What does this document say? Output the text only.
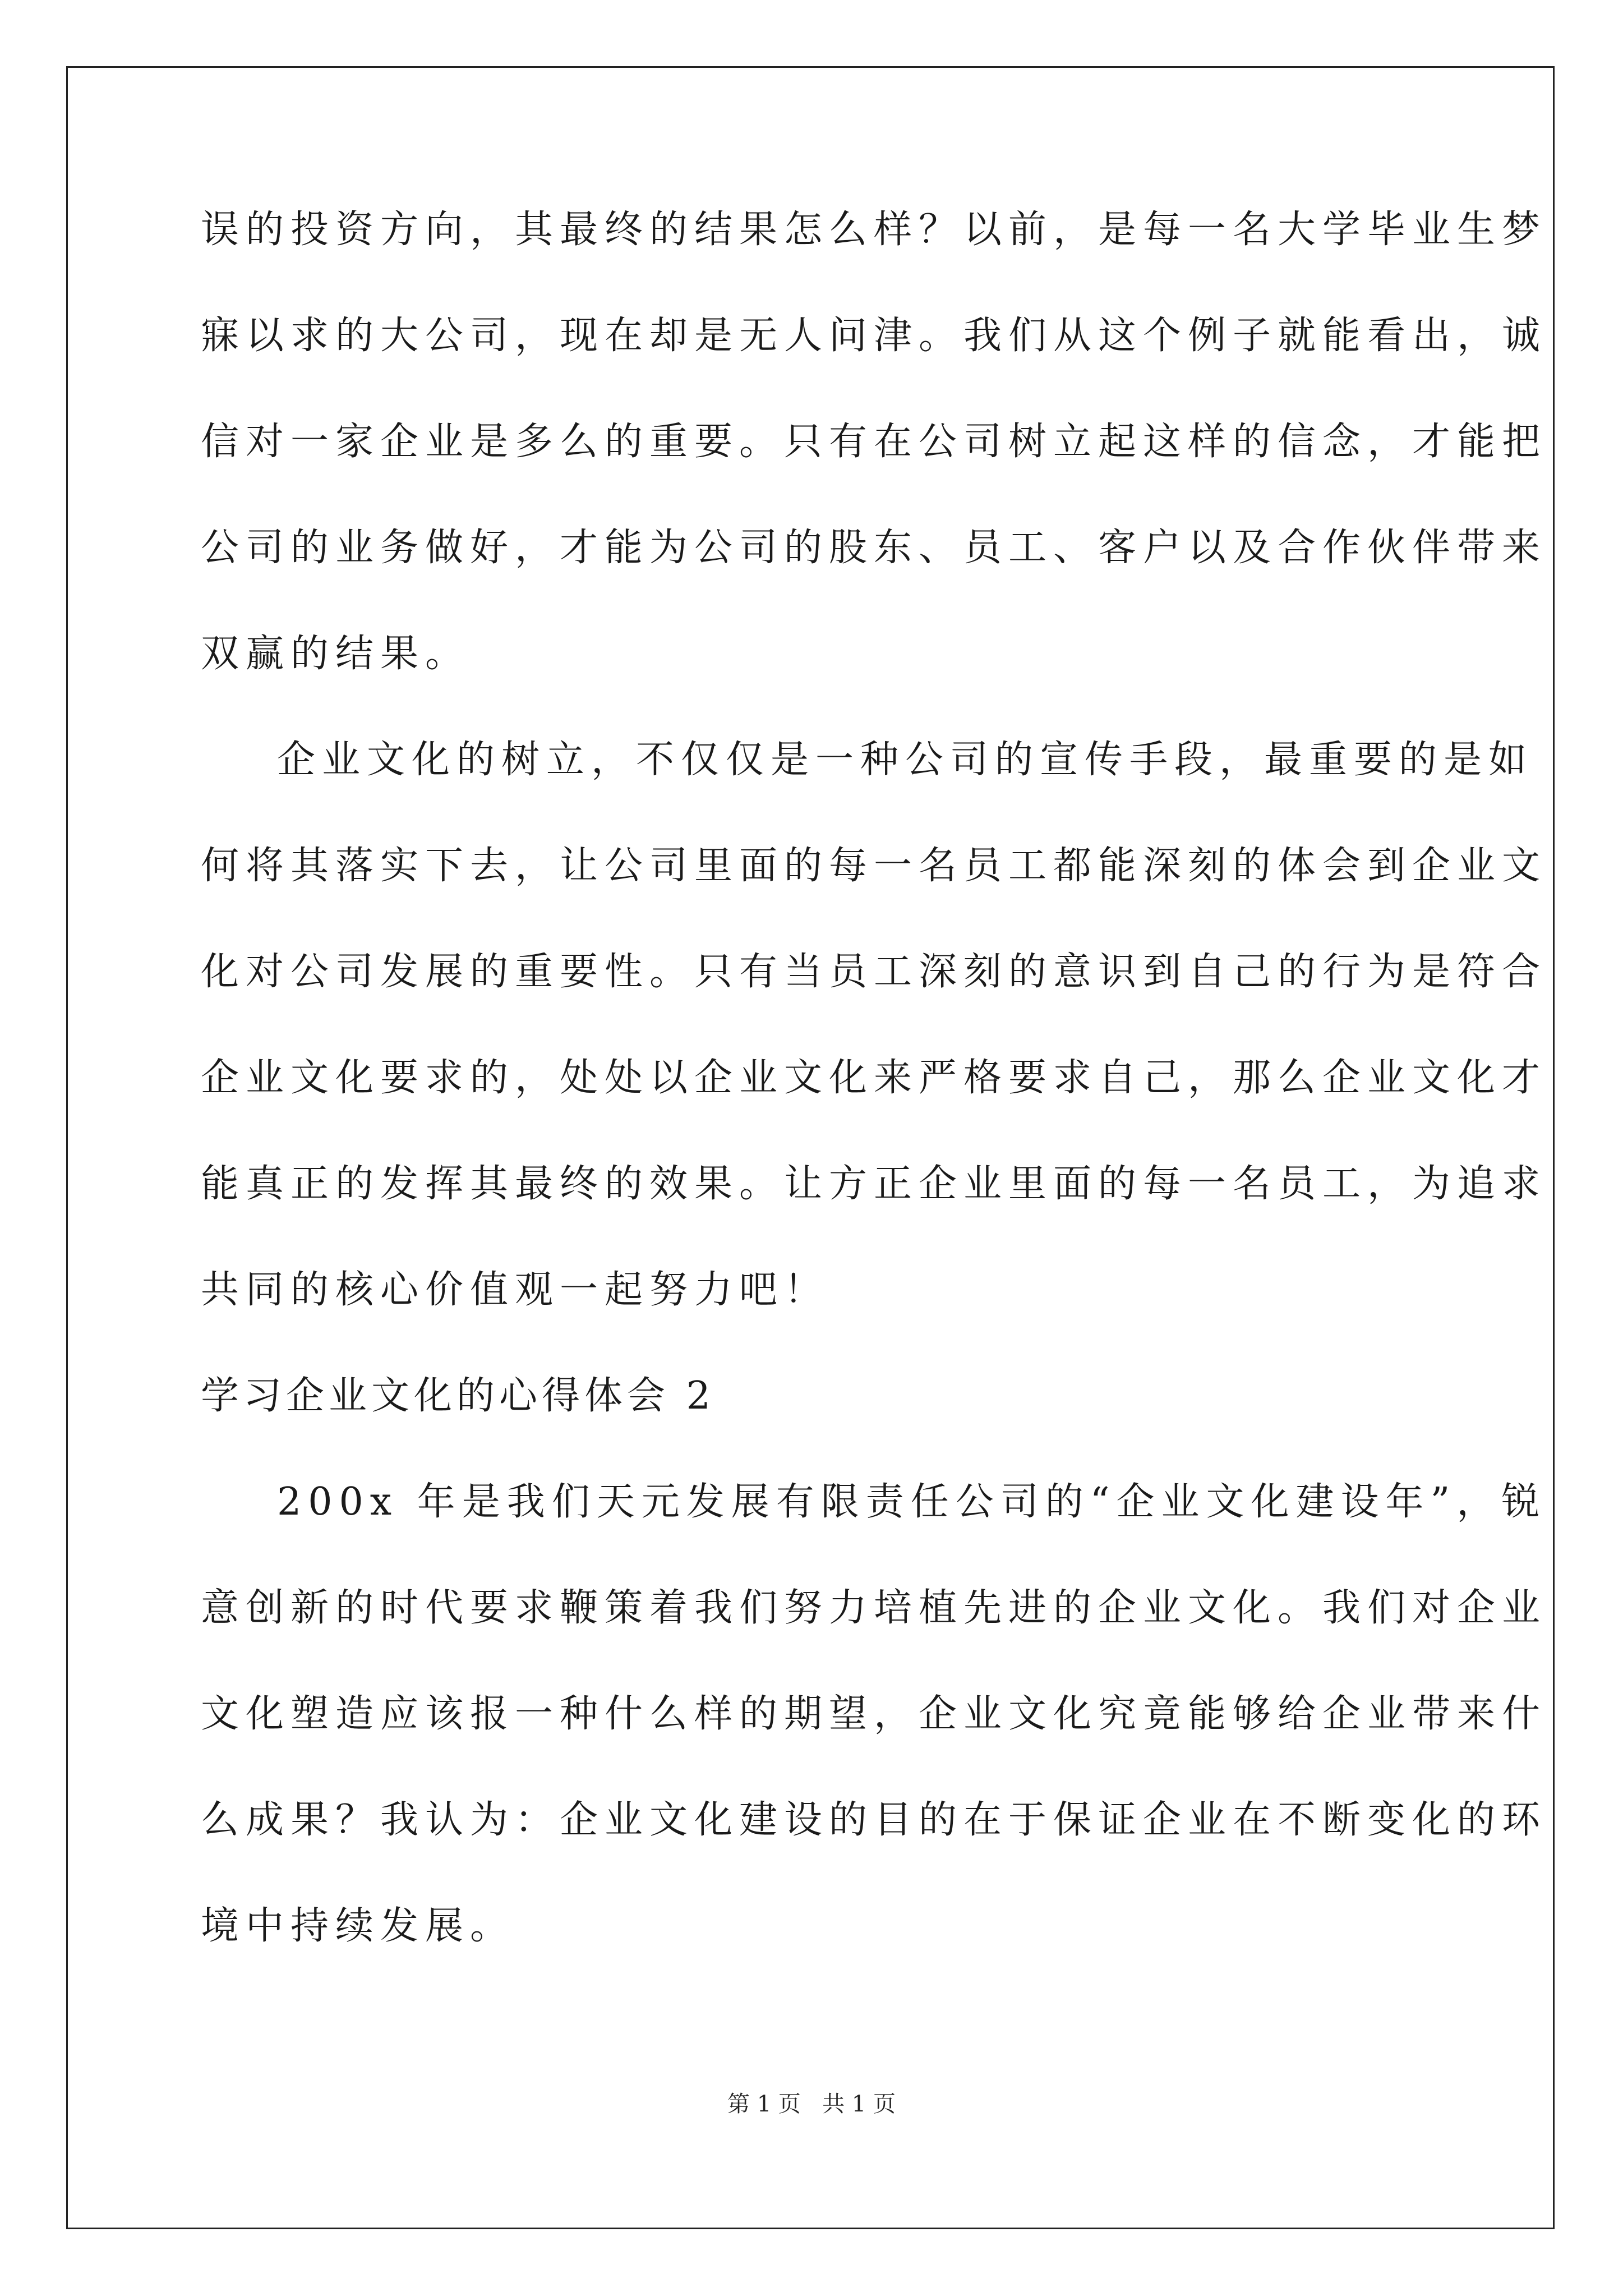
误的投资方向，其最终的结果怎么样？以前，是每一名大学毕业生梦
寐以求的大公司，现在却是无人问津。我们从这个例子就能看出，诚
信对一家企业是多么的重要。只有在公司树立起这样的信念，才能把
公司的业务做好，才能为公司的股东、员工、客户以及合作伙伴带来
双赢的结果。
企业文化的树立，不仅仅是一种公司的宣传手段，最重要的是如
何将其落实下去，让公司里面的每一名员工都能深刻的体会到企业文
化对公司发展的重要性。只有当员工深刻的意识到自己的行为是符合
企业文化要求的，处处以企业文化来严格要求自己，那么企业文化才
能真正的发挥其最终的效果。让方正企业里面的每一名员工，为追求
共同的核心价值观一起努力吧！
学习企业文化的心得体会 2
200x 年是我们天元发展有限责任公司的“企业文化建设年”，锐
意创新的时代要求鞭策着我们努力培植先进的企业文化。我们对企业
文化塑造应该报一种什么样的期望，企业文化究竟能够给企业带来什
么成果？我认为：企业文化建设的目的在于保证企业在不断变化的环
境中持续发展。
第 1 页   共 1 页
